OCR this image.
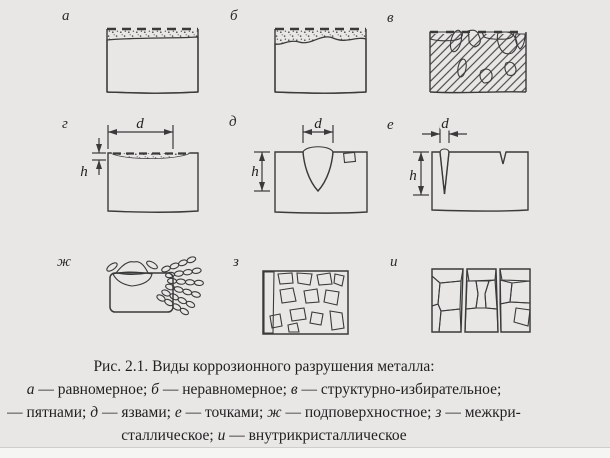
а	б	в
г	д	е
ж	з	и
d
h
d
h
d
h
Рис. 2.1. Виды коррозионного разрушения металла:
а — равномерное; б — неравномерное; в — структурно-избирательное;
— пятнами; д — язвами; е — точками; ж — подповерхностное; з — межкри-
сталлическое; и — внутрикристаллическое
